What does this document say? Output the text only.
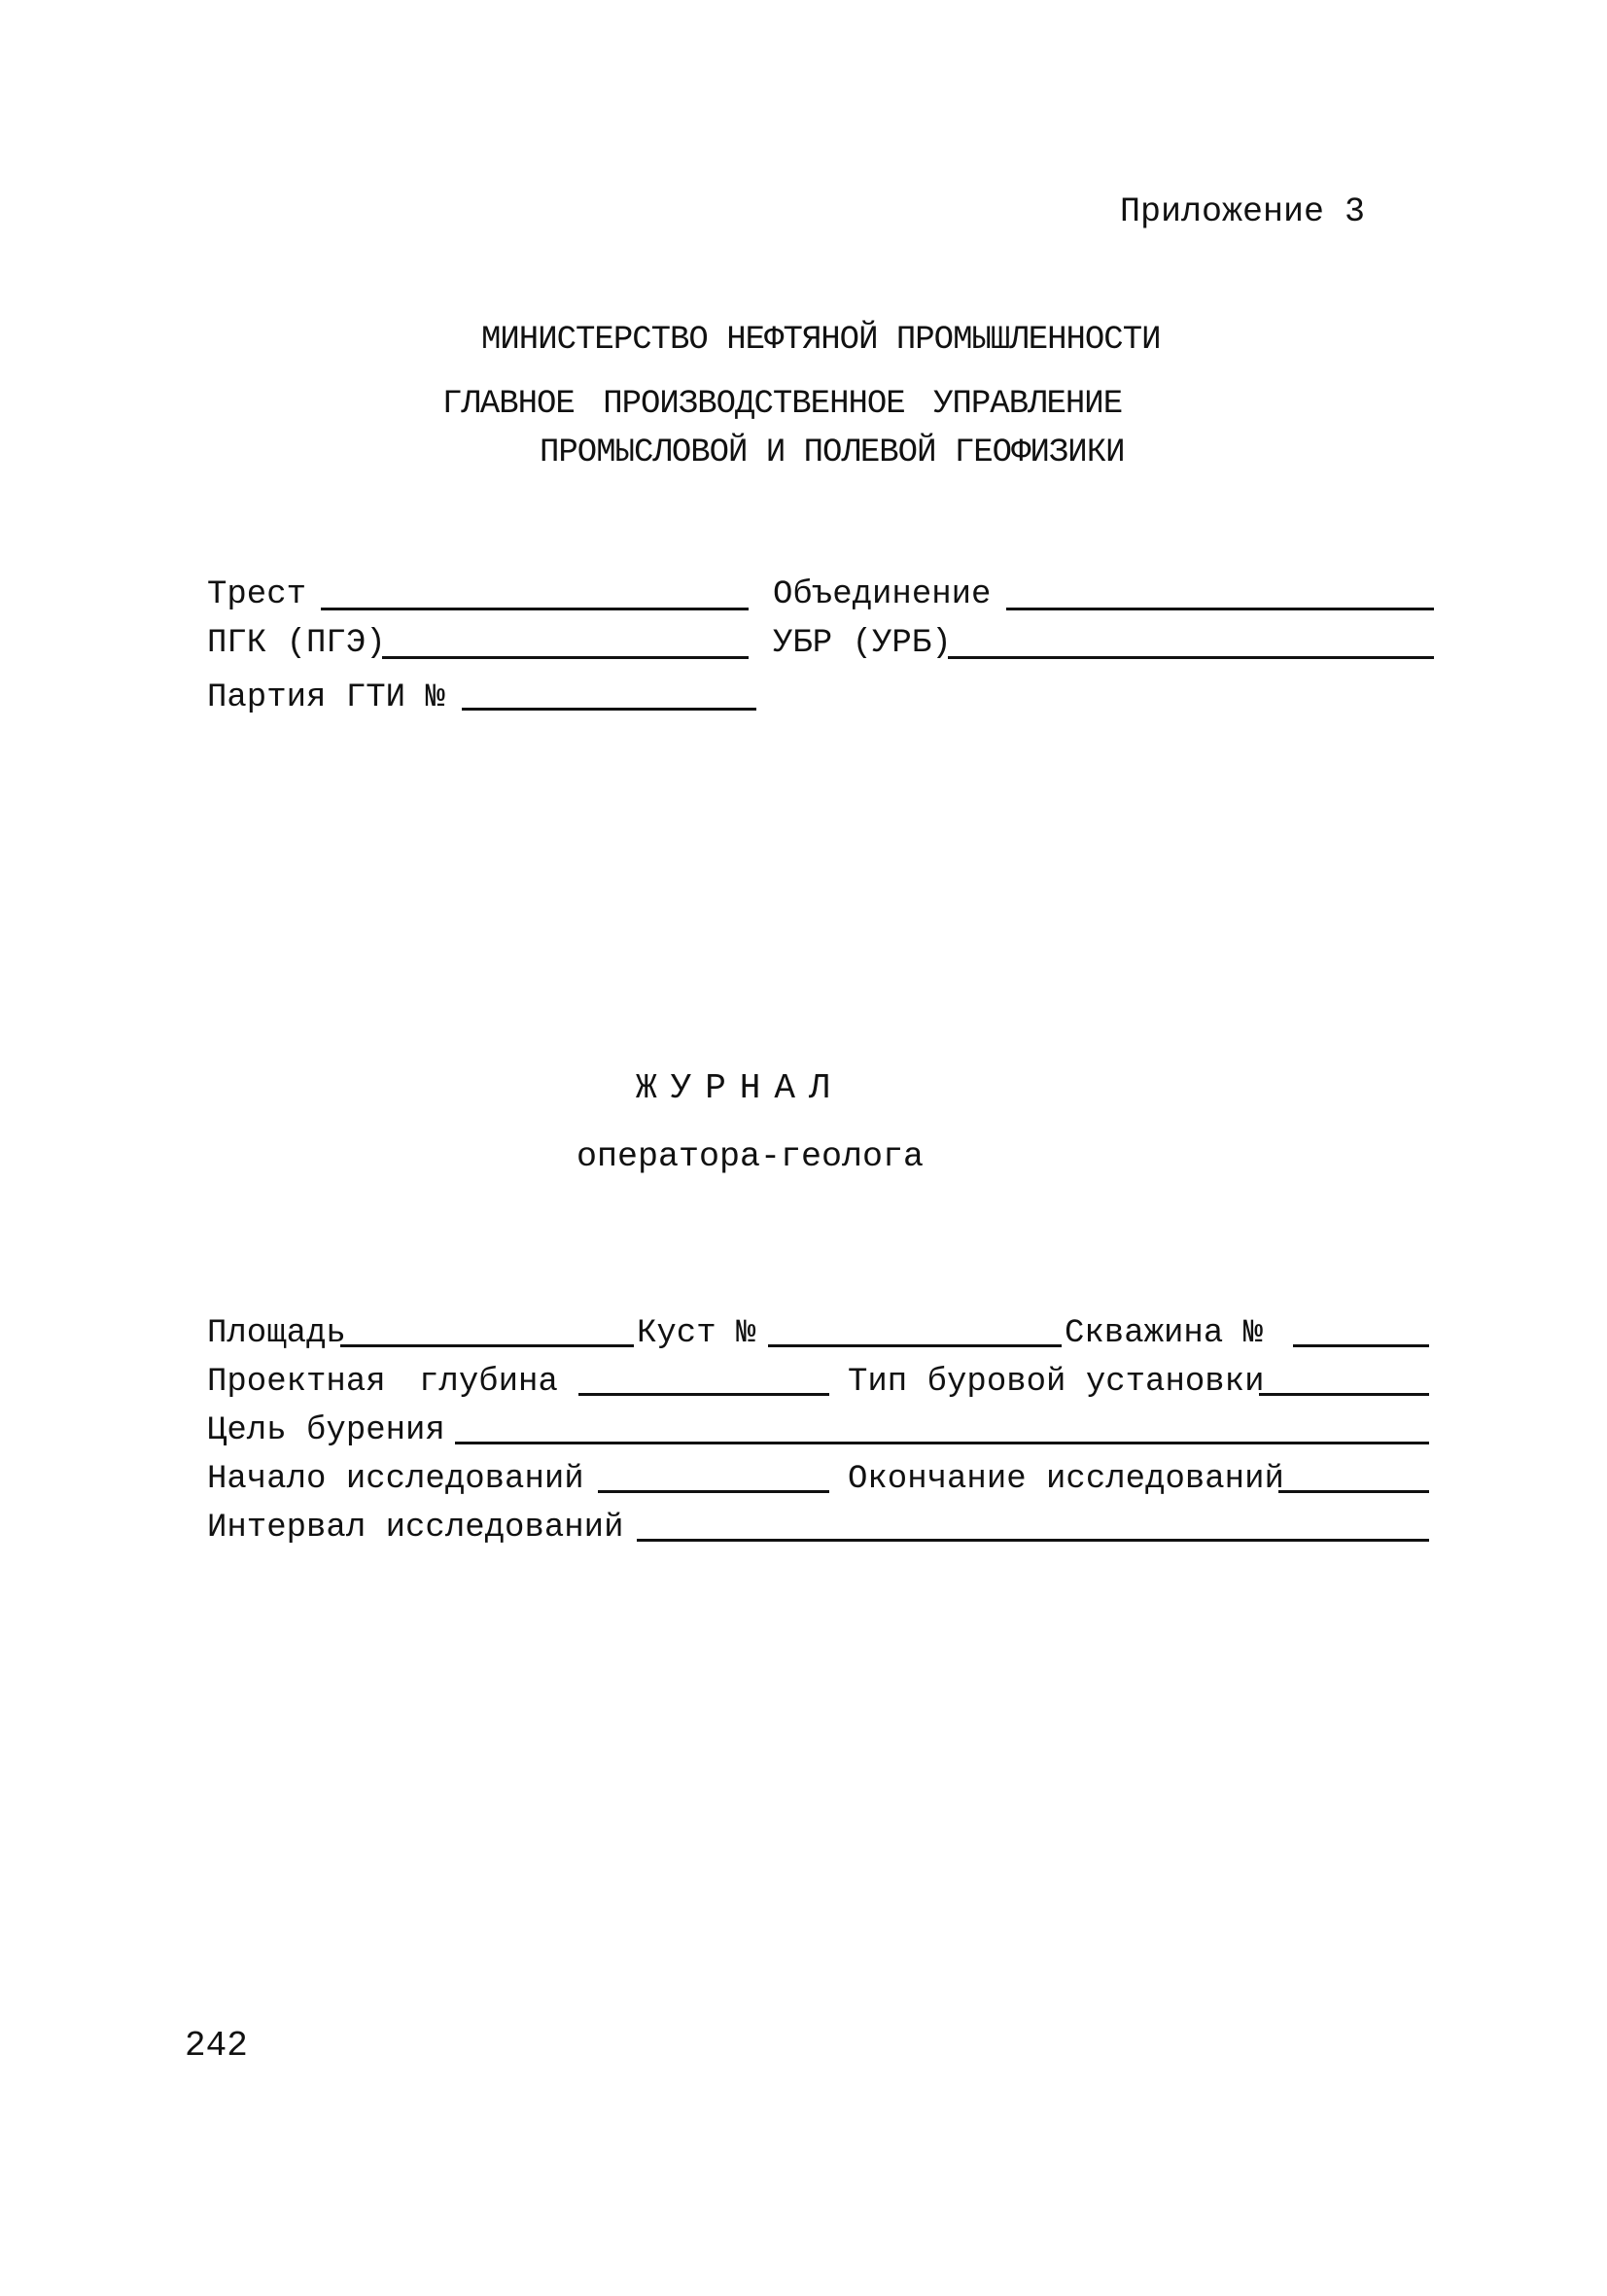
Приложение 3
МИНИСТЕРСТВО НЕФТЯНОЙ ПРОМЫШЛЕННОСТИ
ГЛАВНОЕ ПРОИЗВОДСТВЕННОЕ УПРАВЛЕНИЕ
ПРОМЫСЛОВОЙ И ПОЛЕВОЙ ГЕОФИЗИКИ
Трест	Объединение
ПГК (ПГЭ)	УБР (УРБ)
Партия ГТИ №
ЖУРНАЛ
оператора-геолога
Площадь	Куст №	Скважина №
Проектная глубина	Тип буровой установки
Цель бурения
Начало исследований	Окончание исследований
Интервал исследований
242
